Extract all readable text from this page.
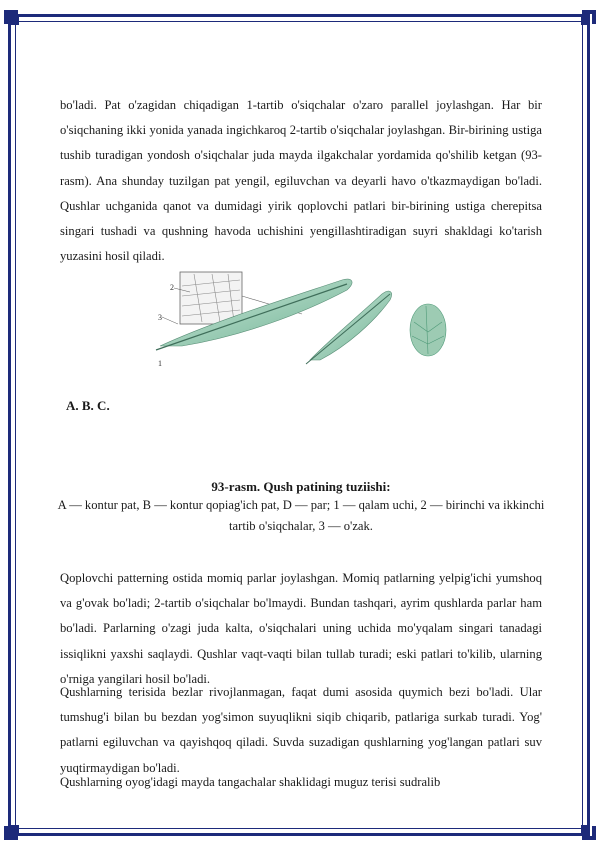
bo'ladi. Pat o'zagidan chiqadigan 1-tartib o'siqchalar o'zaro parallel joylashgan. Har bir o'siqchaning ikki yonida yanada ingichkaroq 2-tartib o'siqchalar joylashgan. Bir-birining ustiga tushib turadigan yondosh o'siqchalar juda mayda ilgakchalar yordamida qo'shilib ketgan (93-rasm). Ana shunday tuzilgan pat yengil, egiluvchan va deyarli havo o'tkazmaydigan bo'ladi. Qushlar uchganida qanot va dumidagi yirik qoplovchi patlari bir-birining ustiga cherepitsa singari tushadi va qushning havoda uchishini yengillashtiradigan suyri shakldagi ko'tarish yuzasini hosil qiladi.

2
3
1

A. B. C.

93-rasm. Qush patining tuziishi:

A — kontur pat, B — kontur qopiag'ich pat, D — par; 1 — qalam uchi, 2 — birinchi va ikkinchi tartib o'siqchalar, 3 — o'zak.

Qoplovchi patterning ostida momiq parlar joylashgan. Momiq patlarning yelpig'ichi yumshoq va g'ovak bo'ladi; 2-tartib o'siqchalar bo'lmaydi. Bundan tashqari, ayrim qushlarda parlar ham bo'ladi. Parlarning o'zagi juda kalta, o'siqchalari uning uchida mo'yqalam singari tanadagi issiqlikni yaxshi saqlaydi. Qushlar vaqt-vaqti bilan tullab turadi; eski patlari to'kilib, ularning o'rniga yangilari hosil bo'ladi.

Qushlarning terisida bezlar rivojlanmagan, faqat dumi asosida quymich bezi bo'ladi. Ular tumshug'i bilan bu bezdan yog'simon suyuqlikni siqib chiqarib, patlariga surkab turadi. Yog' patlarni egiluvchan va qayishqoq qiladi. Suvda suzadigan qushlarning yog'langan patlari suv yuqtirmaydigan bo'ladi.

Qushlarning oyog'idagi mayda tangachalar shaklidagi muguz terisi sudralib
